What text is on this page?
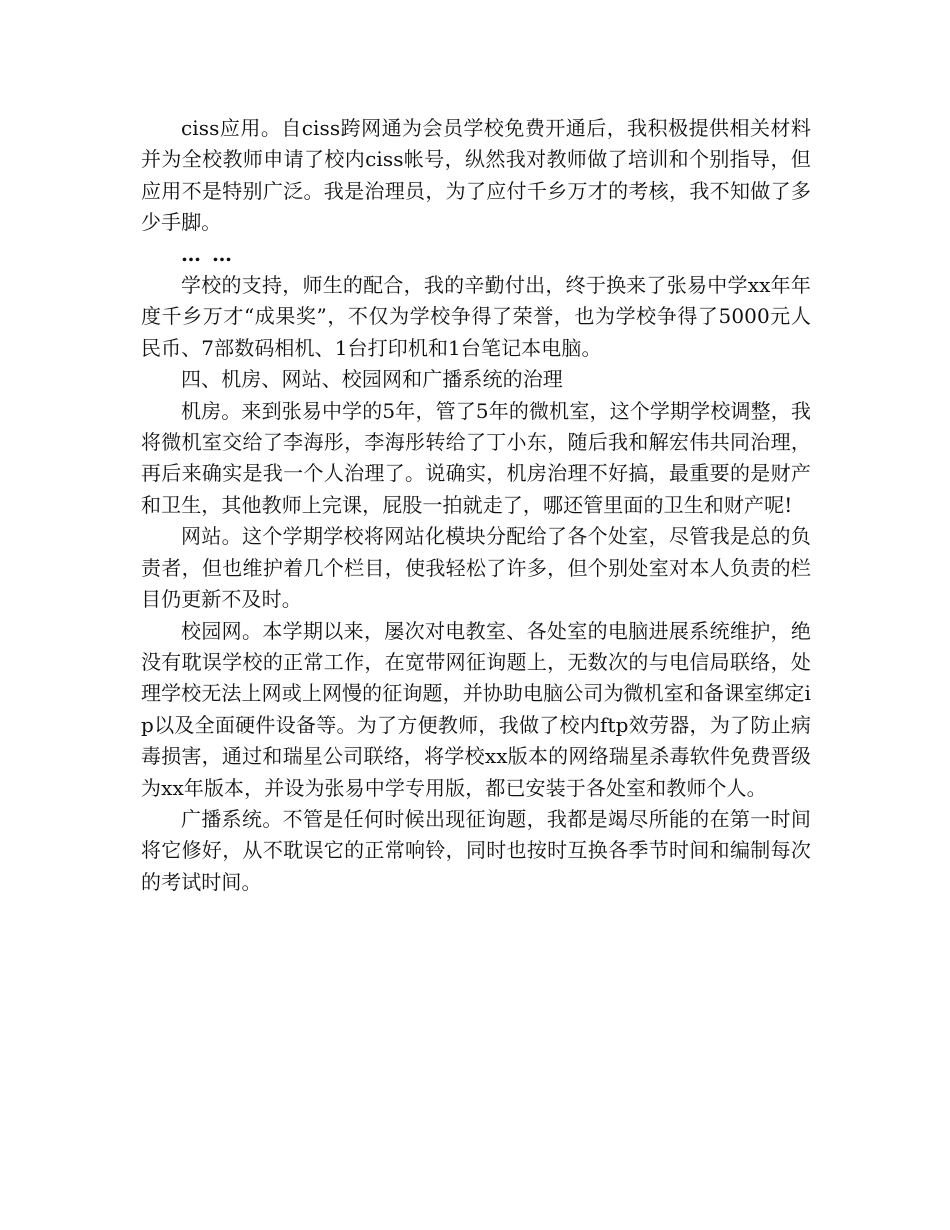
ciss应用。自ciss跨网通为会员学校免费开通后，我积极提供相关材料并为全校教师申请了校内ciss帐号，纵然我对教师做了培训和个别指导，但应用不是特别广泛。我是治理员，为了应付千乡万才的考核，我不知做了多少手脚。

… …

学校的支持，师生的配合，我的辛勤付出，终于换来了张易中学xx年年度千乡万才“成果奖”，不仅为学校争得了荣誉，也为学校争得了5000元人民币、7部数码相机、1台打印机和1台笔记本电脑。

四、机房、网站、校园网和广播系统的治理

机房。来到张易中学的5年，管了5年的微机室，这个学期学校调整，我将微机室交给了李海彤，李海彤转给了丁小东，随后我和解宏伟共同治理，再后来确实是我一个人治理了。说确实，机房治理不好搞，最重要的是财产和卫生，其他教师上完课，屁股一拍就走了，哪还管里面的卫生和财产呢!

网站。这个学期学校将网站化模块分配给了各个处室，尽管我是总的负责者，但也维护着几个栏目，使我轻松了许多，但个别处室对本人负责的栏目仍更新不及时。

校园网。本学期以来，屡次对电教室、各处室的电脑进展系统维护，绝没有耽误学校的正常工作，在宽带网征询题上，无数次的与电信局联络，处理学校无法上网或上网慢的征询题，并协助电脑公司为微机室和备课室绑定ip以及全面硬件设备等。为了方便教师，我做了校内ftp效劳器，为了防止病毒损害，通过和瑞星公司联络，将学校xx版本的网络瑞星杀毒软件免费晋级为xx年版本，并设为张易中学专用版，都已安装于各处室和教师个人。

广播系统。不管是任何时候出现征询题，我都是竭尽所能的在第一时间将它修好，从不耽误它的正常响铃，同时也按时互换各季节时间和编制每次的考试时间。
